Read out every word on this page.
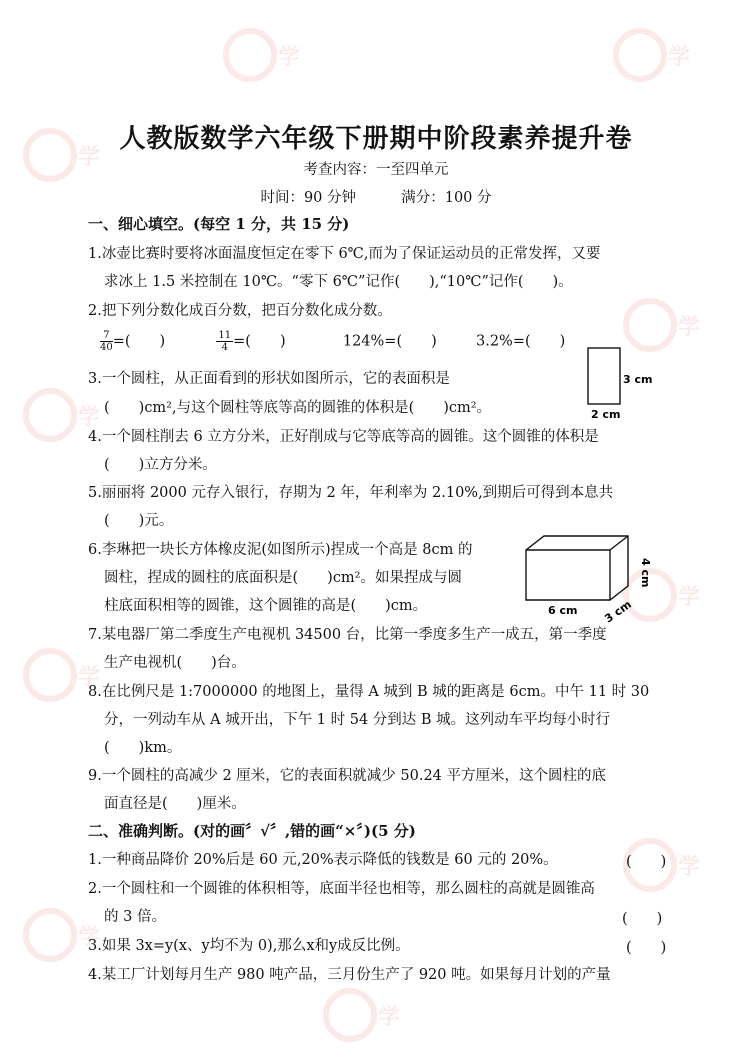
学
学	学
学
学
学
学
学
学
学
人教版数学六年级下册期中阶段素养提升卷
考查内容：一至四单元
时间：90 分钟	满分：100 分
一、细心填空。(每空 1 分，共 15 分)
1.冰壶比赛时要将冰面温度恒定在零下 6℃,而为了保证运动员的正常发挥，又要
求冰上 1.5 米控制在 10℃。“零下 6℃”记作(　　),“10℃”记作(　　)。
2.把下列分数化成百分数，把百分数化成分数。
$\frac{7}{40}$ =(　　)	$\frac{11}{4}$ =(　　)	124%=(　　)	3.2%=(　　)
3.一个圆柱，从正面看到的形状如图所示，它的表面积是
(　　)cm²,与这个圆柱等底等高的圆锥的体积是(　　)cm²。
3 cm
2 cm
4.一个圆柱削去 6 立方分米，正好削成与它等底等高的圆锥。这个圆锥的体积是
(　　)立方分米。
5.丽丽将 2000 元存入银行，存期为 2 年，年利率为 2.10%,到期后可得到本息共
(　　)元。
6.李琳把一块长方体橡皮泥(如图所示)捏成一个高是 8cm 的
圆柱，捏成的圆柱的底面积是(　　)cm²。如果捏成与圆
柱底面积相等的圆锥，这个圆锥的高是(　　)cm。	6 cm 3 cm
4 cm
7.某电器厂第二季度生产电视机 34500 台，比第一季度多生产一成五，第一季度
生产电视机(　　)台。
8.在比例尺是 1:7000000 的地图上，量得 A 城到 B 城的距离是 6cm。中午 11 时 30
分，一列动车从 A 城开出，下午 1 时 54 分到达 B 城。这列动车平均每小时行
(　　)km。
9.一个圆柱的高减少 2 厘米，它的表面积就减少 50.24 平方厘米，这个圆柱的底
面直径是(　　)厘米。
二、准确判断。(对的画〞√〞,错的画“×〞)(5 分)
1.一种商品降价 20%后是 60 元,20%表示降低的钱数是 60 元的 20%。	(　　)
2.一个圆柱和一个圆锥的体积相等，底面半径也相等，那么圆柱的高就是圆锥高
的 3 倍。	(　　)
3.如果 3x=y(x、y均不为 0),那么x和y成反比例。	(　　)
4.某工厂计划每月生产 980 吨产品，三月份生产了 920 吨。如果每月计划的产量
